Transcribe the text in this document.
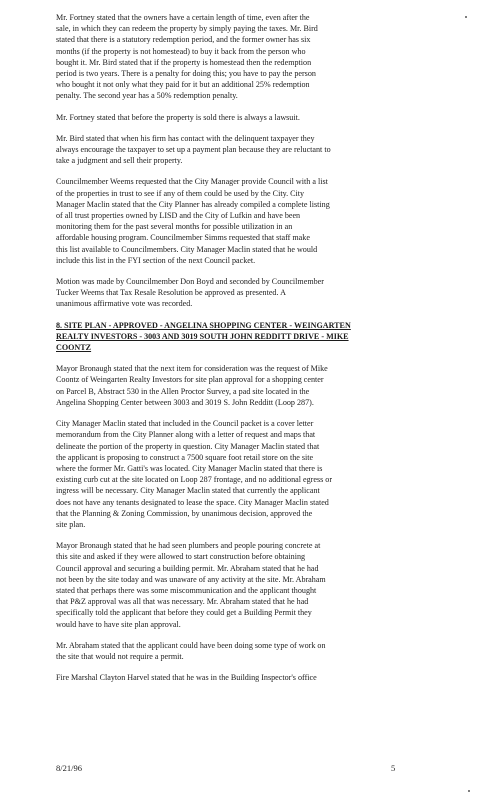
Mr. Fortney stated that the owners have a certain length of time, even after the
sale, in which they can redeem the property by simply paying the taxes. Mr. Bird
stated that there is a statutory redemption period, and the former owner has six
months (if the property is not homestead) to buy it back from the person who
bought it. Mr. Bird stated that if the property is homestead then the redemption
period is two years. There is a penalty for doing this; you have to pay the person
who bought it not only what they paid for it but an additional 25% redemption
penalty. The second year has a 50% redemption penalty.

Mr. Fortney stated that before the property is sold there is always a lawsuit.

Mr. Bird stated that when his firm has contact with the delinquent taxpayer they
always encourage the taxpayer to set up a payment plan because they are reluctant to
take a judgment and sell their property.

Councilmember Weems requested that the City Manager provide Council with a list
of the properties in trust to see if any of them could be used by the City. City
Manager Maclin stated that the City Planner has already compiled a complete listing
of all trust properties owned by LISD and the City of Lufkin and have been
monitoring them for the past several months for possible utilization in an
affordable housing program. Councilmember Simms requested that staff make
this list available to Councilmembers. City Manager Maclin stated that he would
include this list in the FYI section of the next Council packet.

Motion was made by Councilmember Don Boyd and seconded by Councilmember
Tucker Weems that Tax Resale Resolution be approved as presented. A
unanimous affirmative vote was recorded.

8. SITE PLAN - APPROVED - ANGELINA SHOPPING CENTER - WEINGARTEN
REALTY INVESTORS - 3003 AND 3019 SOUTH JOHN REDDITT DRIVE - MIKE
COONTZ

Mayor Bronaugh stated that the next item for consideration was the request of Mike
Coontz of Weingarten Realty Investors for site plan approval for a shopping center
on Parcel B, Abstract 530 in the Allen Proctor Survey, a pad site located in the
Angelina Shopping Center between 3003 and 3019 S. John Redditt (Loop 287).

City Manager Maclin stated that included in the Council packet is a cover letter
memorandum from the City Planner along with a letter of request and maps that
delineate the portion of the property in question. City Manager Maclin stated that
the applicant is proposing to construct a 7500 square foot retail store on the site
where the former Mr. Gatti's was located. City Manager Maclin stated that there is
existing curb cut at the site located on Loop 287 frontage, and no additional egress or
ingress will be necessary. City Manager Maclin stated that currently the applicant
does not have any tenants designated to lease the space. City Manager Maclin stated
that the Planning & Zoning Commission, by unanimous decision, approved the
site plan.

Mayor Bronaugh stated that he had seen plumbers and people pouring concrete at
this site and asked if they were allowed to start construction before obtaining
Council approval and securing a building permit. Mr. Abraham stated that he had
not been by the site today and was unaware of any activity at the site. Mr. Abraham
stated that perhaps there was some miscommunication and the applicant thought
that P&Z approval was all that was necessary. Mr. Abraham stated that he had
specifically told the applicant that before they could get a Building Permit they
would have to have site plan approval.

Mr. Abraham stated that the applicant could have been doing some type of work on
the site that would not require a permit.

Fire Marshal Clayton Harvel stated that he was in the Building Inspector's office

8/21/96	5
